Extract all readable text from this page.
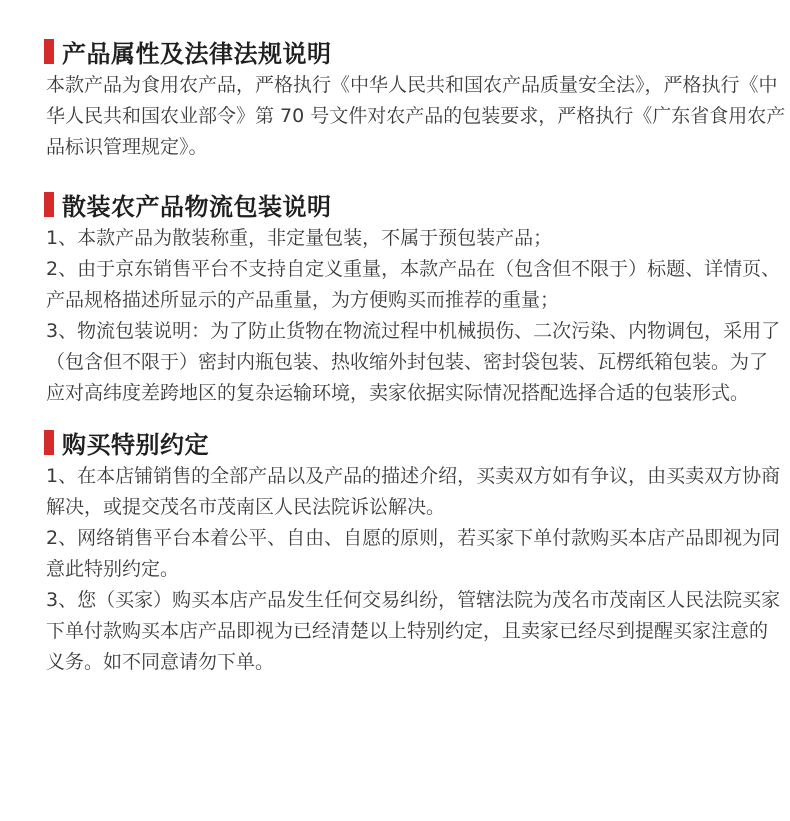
产品属性及法律法规说明

本款产品为食用农产品，严格执行《中华人民共和国农产品质量安全法》，严格执行《中华人民共和国农业部令》第 70 号文件对农产品的包装要求，严格执行《广东省食用农产品标识管理规定》。

散装农产品物流包装说明

1、本款产品为散装称重，非定量包装，不属于预包装产品；

2、由于京东销售平台不支持自定义重量，本款产品在（包含但不限于）标题、详情页、产品规格描述所显示的产品重量，为方便购买而推荐的重量；

3、物流包装说明：为了防止货物在物流过程中机械损伤、二次污染、内物调包，采用了（包含但不限于）密封内瓶包装、热收缩外封包装、密封袋包装、瓦楞纸箱包装。为了应对高纬度差跨地区的复杂运输环境，卖家依据实际情况搭配选择合适的包装形式。

购买特别约定

1、在本店铺销售的全部产品以及产品的描述介绍，买卖双方如有争议，由买卖双方协商解决，或提交茂名市茂南区人民法院诉讼解决。

2、网络销售平台本着公平、自由、自愿的原则，若买家下单付款购买本店产品即视为同意此特别约定。

3、您（买家）购买本店产品发生任何交易纠纷，管辖法院为茂名市茂南区人民法院买家下单付款购买本店产品即视为已经清楚以上特别约定，且卖家已经尽到提醒买家注意的义务。如不同意请勿下单。
